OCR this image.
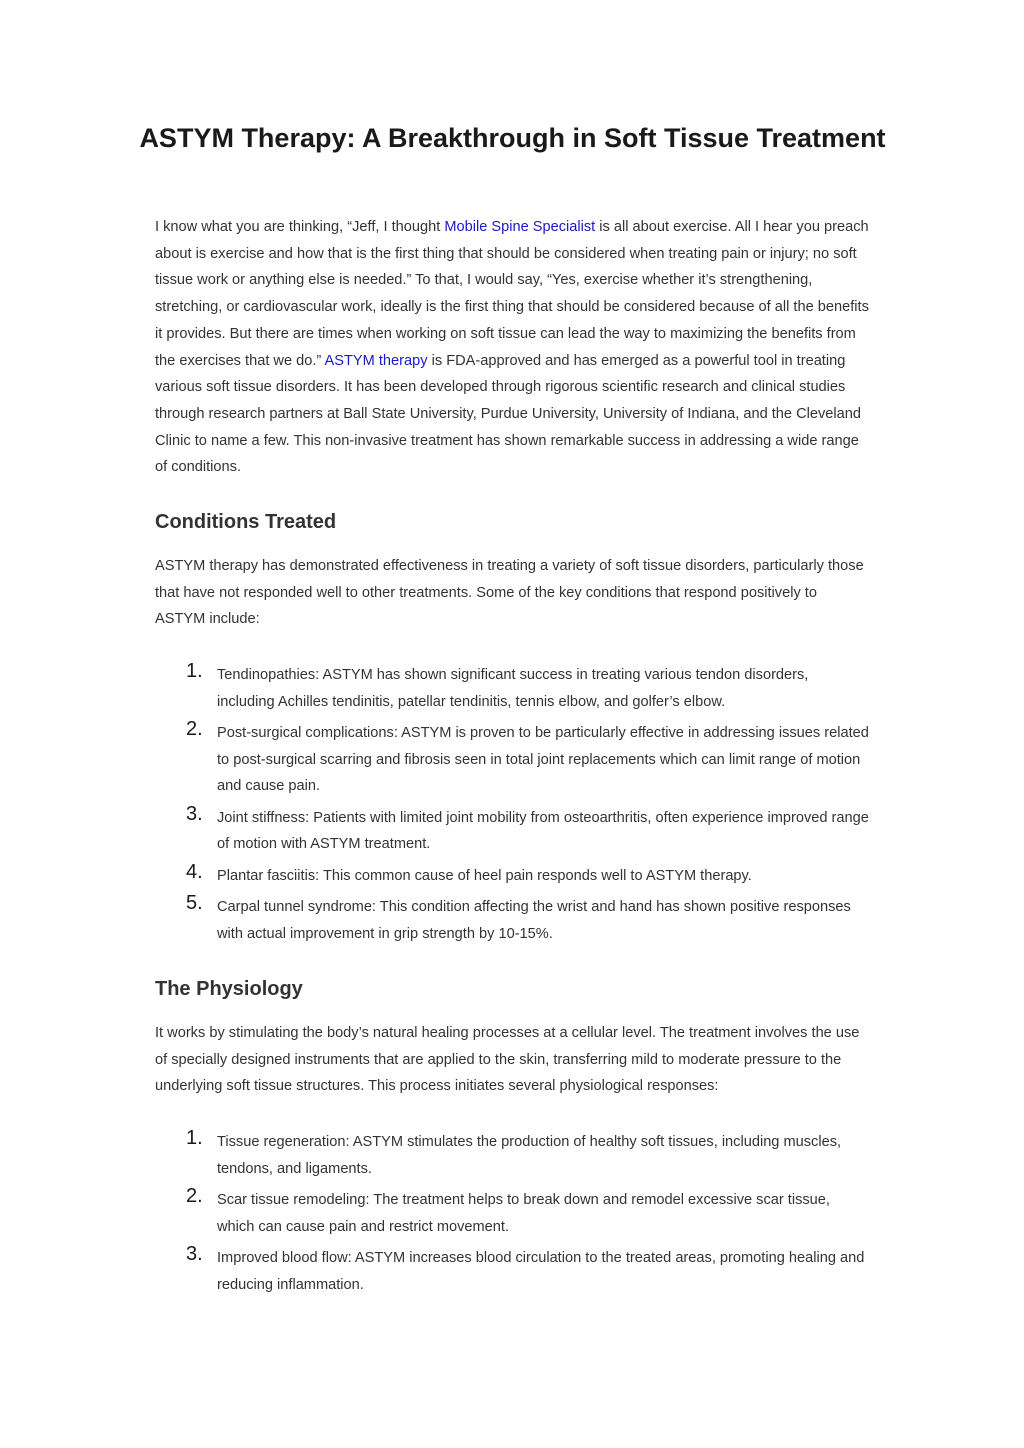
ASTYM Therapy: A Breakthrough in Soft Tissue Treatment

I know what you are thinking, “Jeff, I thought Mobile Spine Specialist is all about exercise. All I hear you preach about is exercise and how that is the first thing that should be considered when treating pain or injury; no soft tissue work or anything else is needed.” To that, I would say, “Yes, exercise whether it’s strengthening, stretching, or cardiovascular work, ideally is the first thing that should be considered because of all the benefits it provides. But there are times when working on soft tissue can lead the way to maximizing the benefits from the exercises that we do.” ASTYM therapy is FDA-approved and has emerged as a powerful tool in treating various soft tissue disorders. It has been developed through rigorous scientific research and clinical studies through research partners at Ball State University, Purdue University, University of Indiana, and the Cleveland Clinic to name a few. This non-invasive treatment has shown remarkable success in addressing a wide range of conditions.

Conditions Treated

ASTYM therapy has demonstrated effectiveness in treating a variety of soft tissue disorders, particularly those that have not responded well to other treatments. Some of the key conditions that respond positively to ASTYM include:

1. Tendinopathies: ASTYM has shown significant success in treating various tendon disorders, including Achilles tendinitis, patellar tendinitis, tennis elbow, and golfer’s elbow.
2. Post-surgical complications: ASTYM is proven to be particularly effective in addressing issues related to post-surgical scarring and fibrosis seen in total joint replacements which can limit range of motion and cause pain.
3. Joint stiffness: Patients with limited joint mobility from osteoarthritis, often experience improved range of motion with ASTYM treatment.
4. Plantar fasciitis: This common cause of heel pain responds well to ASTYM therapy.
5. Carpal tunnel syndrome: This condition affecting the wrist and hand has shown positive responses with actual improvement in grip strength by 10-15%.
The Physiology

It works by stimulating the body’s natural healing processes at a cellular level. The treatment involves the use of specially designed instruments that are applied to the skin, transferring mild to moderate pressure to the underlying soft tissue structures. This process initiates several physiological responses:

1. Tissue regeneration: ASTYM stimulates the production of healthy soft tissues, including muscles, tendons, and ligaments.
2. Scar tissue remodeling: The treatment helps to break down and remodel excessive scar tissue, which can cause pain and restrict movement.
3. Improved blood flow: ASTYM increases blood circulation to the treated areas, promoting healing and reducing inflammation.
